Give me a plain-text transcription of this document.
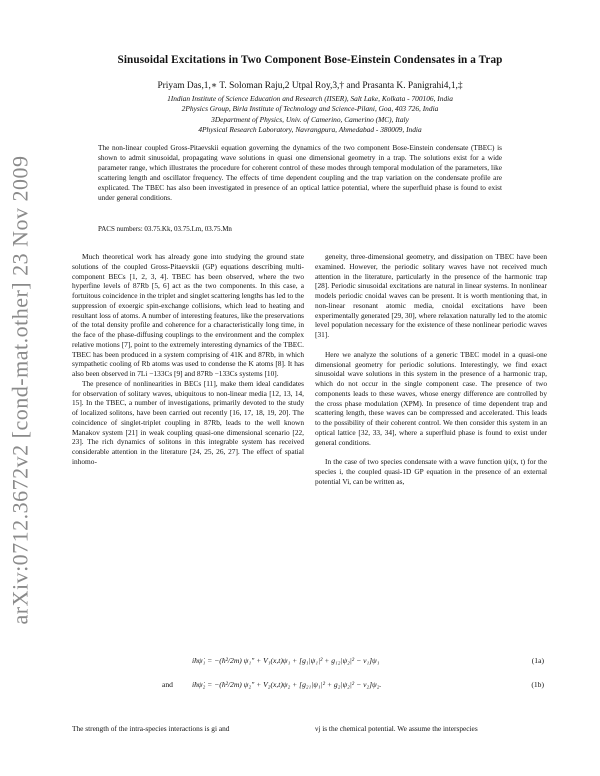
arXiv:0712.3672v2 [cond-mat.other] 23 Nov 2009
Sinusoidal Excitations in Two Component Bose-Einstein Condensates in a Trap
Priyam Das,1,∗ T. Soloman Raju,2 Utpal Roy,3,† and Prasanta K. Panigrahi4,1,‡
1Indian Institute of Science Education and Research (IISER), Salt Lake, Kolkata - 700106, India
2Physics Group, Birla Institute of Technology and Science-Pilani, Goa, 403 726, India
3Department of Physics, Univ. of Camerino, Camerino (MC), Italy
4Physical Research Laboratory, Navrangpura, Ahmedabad - 380009, India
The non-linear coupled Gross-Pitaevskii equation governing the dynamics of the two component Bose-Einstein condensate (TBEC) is shown to admit sinusoidal, propagating wave solutions in quasi one dimensional geometry in a trap. The solutions exist for a wide parameter range, which illustrates the procedure for coherent control of these modes through temporal modulation of the parameters, like scattering length and oscillator frequency. The effects of time dependent coupling and the trap variation on the condensate profile are explicated. The TBEC has also been investigated in presence of an optical lattice potential, where the superfluid phase is found to exist under general conditions.
PACS numbers: 03.75.Kk, 03.75.Lm, 03.75.Mn

Much theoretical work has already gone into studying the ground state solutions of the coupled Gross-Pitaevskii (GP) equations describing multi-component BECs [1, 2, 3, 4]. TBEC has been observed, where the two hyperfine levels of 87Rb [5, 6] act as the two components. In this case, a fortuitous coincidence in the triplet and singlet scattering lengths has led to the suppression of exoergic spin-exchange collisions, which lead to heating and resultant loss of atoms. A number of interesting features, like the preservations of the total density profile and coherence for a characteristically long time, in the face of the phase-diffusing couplings to the environment and the complex relative motions [7], point to the extremely interesting dynamics of the TBEC. TBEC has been produced in a system comprising of 41K and 87Rb, in which sympathetic cooling of Rb atoms was used to condense the K atoms [8]. It has also been observed in 7Li −133Cs [9] and 87Rb −133Cs systems [10].

The presence of nonlinearities in BECs [11], make them ideal candidates for observation of solitary waves, ubiquitous to non-linear media [12, 13, 14, 15]. In the TBEC, a number of investigations, primarily devoted to the study of localized solitons, have been carried out recently [16, 17, 18, 19, 20]. The coincidence of singlet-triplet coupling in 87Rb, leads to the well known Manakov system [21] in weak coupling quasi-one dimensional scenario [22, 23]. The rich dynamics of solitons in this integrable system has received considerable attention in the literature [24, 25, 26, 27]. The effect of spatial inhomo-

geneity, three-dimensional geometry, and dissipation on TBEC have been examined. However, the periodic solitary waves have not received much attention in the literature, particularly in the presence of the harmonic trap [28]. Periodic sinusoidal excitations are natural in linear systems. In nonlinear models periodic cnoidal waves can be present. It is worth mentioning that, in non-linear resonant atomic media, cnoidal excitations have been experimentally generated [29, 30], where relaxation naturally led to the atomic level population necessary for the existence of these nonlinear periodic waves [31].

Here we analyze the solutions of a generic TBEC model in a quasi-one dimensional geometry for periodic solutions. Interestingly, we find exact sinusoidal wave solutions in this system in the presence of a harmonic trap, which do not occur in the single component case. The presence of two components leads to these waves, whose energy difference are controlled by the cross phase modulation (XPM). In presence of time dependent trap and scattering length, these waves can be compressed and accelerated. This leads to the possibility of their coherent control. We then consider this system in an optical lattice [32, 33, 34], where a superfluid phase is found to exist under general conditions.

In the case of two species condensate with a wave function ψi(x, t) for the species i, the coupled quasi-1D GP equation in the presence of an external potential Vi, can be written as,

iħψ̇₁ = −(ħ²/2m) ψ₁″ + V₁(x,t)ψ₁ + [g₁|ψ₁|² + g₁₂|ψ₂|² − ν₁]ψ₁	(1a)
and	iħψ̇₂ = −(ħ²/2m) ψ₂″ + V₂(x,t)ψ₂ + [g₂₁|ψ₁|² + g₂|ψ₂|² − ν₂]ψ₂.	(1b)
The strength of the intra-species interactions is gi and	νj is the chemical potential. We assume the interspecies
